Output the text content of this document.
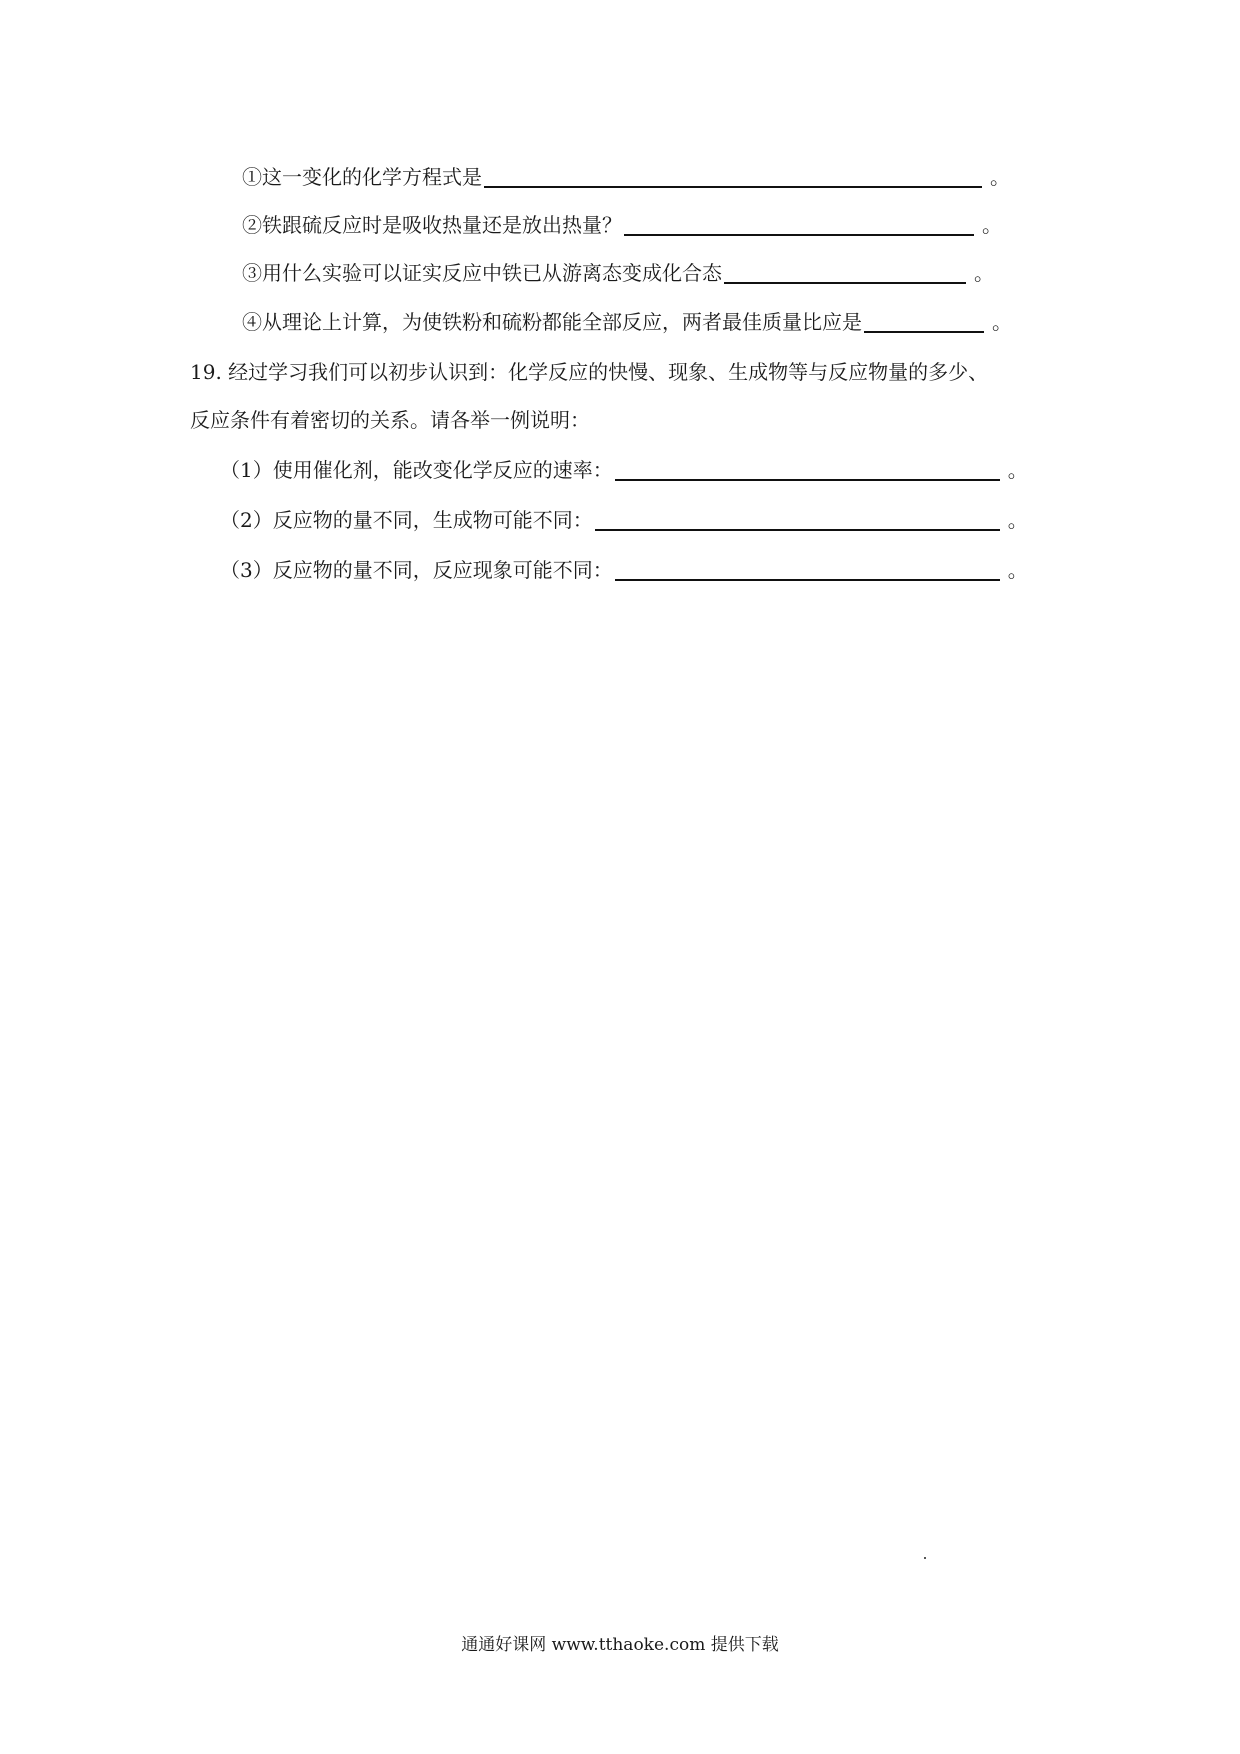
①这一变化的化学方程式是	。
②铁跟硫反应时是吸收热量还是放出热量？	。
③用什么实验可以证实反应中铁已从游离态变成化合态	。
④从理论上计算，为使铁粉和硫粉都能全部反应，两者最佳质量比应是	。
19. 经过学习我们可以初步认识到：化学反应的快慢、现象、生成物等与反应物量的多少、
反应条件有着密切的关系。请各举一例说明：
（1）使用催化剂，能改变化学反应的速率：	。
（2）反应物的量不同，生成物可能不同：	。
（3）反应物的量不同，反应现象可能不同：	。
通通好课网 www.tthaoke.com 提供下载
